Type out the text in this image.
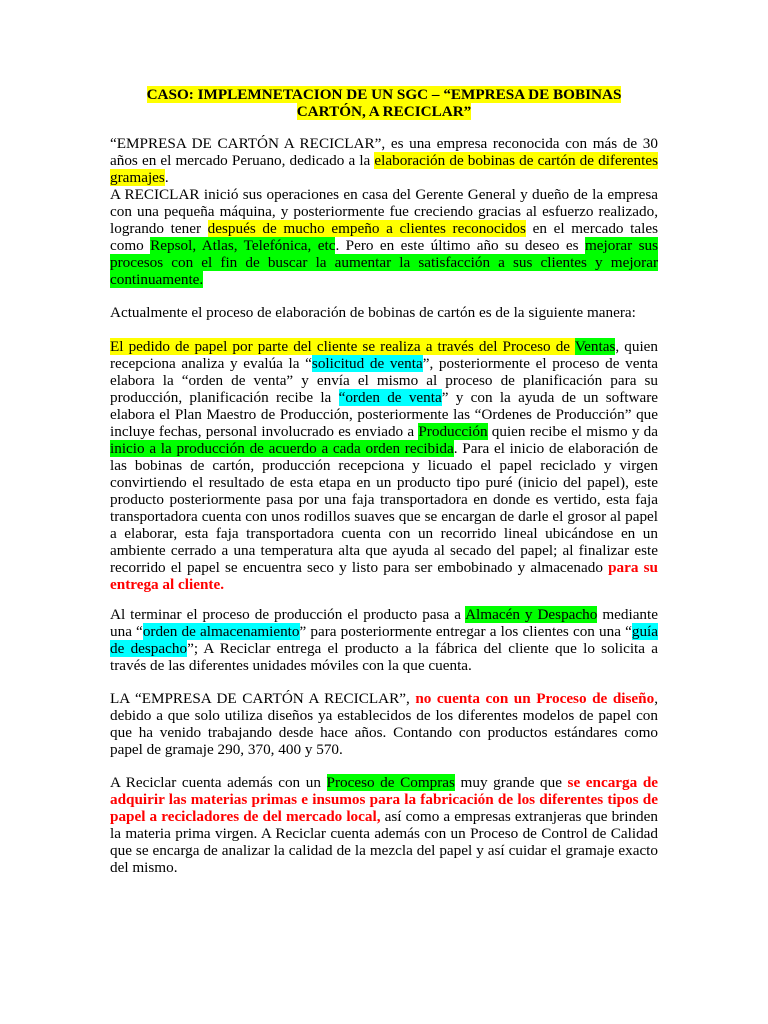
CASO: IMPLEMNETACION DE UN SGC – “EMPRESA DE BOBINAS
CARTÓN, A RECICLAR”
“EMPRESA DE CARTÓN A RECICLAR”, es una empresa reconocida con más de 30 años en el mercado Peruano, dedicado a la elaboración de bobinas de cartón de diferentes gramajes.
A RECICLAR inició sus operaciones en casa del Gerente General y dueño de la empresa con una pequeña máquina, y posteriormente fue creciendo gracias al esfuerzo realizado, logrando tener después de mucho empeño a clientes reconocidos en el mercado tales como Repsol, Atlas, Telefónica, etc. Pero en este último año su deseo es mejorar sus procesos con el fin de buscar la aumentar la satisfacción a sus clientes y mejorar continuamente.
Actualmente el proceso de elaboración de bobinas de cartón es de la siguiente manera:
El pedido de papel por parte del cliente se realiza a través del Proceso de Ventas, quien recepciona analiza y evalúa la “solicitud de venta”, posteriormente el proceso de venta elabora la “orden de venta” y envía el mismo al proceso de planificación para su producción, planificación recibe la “orden de venta” y con la ayuda de un software elabora el Plan Maestro de Producción, posteriormente las “Ordenes de Producción” que incluye fechas, personal involucrado es enviado a Producción quien recibe el mismo y da inicio a la producción de acuerdo a cada orden recibida. Para el inicio de elaboración de las bobinas de cartón, producción recepciona y licuado el papel reciclado y virgen convirtiendo el resultado de esta etapa en un producto tipo puré (inicio del papel), este producto posteriormente pasa por una faja transportadora en donde es vertido, esta faja transportadora cuenta con unos rodillos suaves que se encargan de darle el grosor al papel a elaborar, esta faja transportadora cuenta con un recorrido lineal ubicándose en un ambiente cerrado a una temperatura alta que ayuda al secado del papel; al finalizar este recorrido el papel se encuentra seco y listo para ser embobinado y almacenado para su entrega al cliente.
Al terminar el proceso de producción el producto pasa a Almacén y Despacho mediante una “orden de almacenamiento” para posteriormente entregar a los clientes con una “guía de despacho”; A Reciclar entrega el producto a la fábrica del cliente que lo solicita a través de las diferentes unidades móviles con la que cuenta.
LA “EMPRESA DE CARTÓN A RECICLAR”, no cuenta con un Proceso de diseño, debido a que solo utiliza diseños ya establecidos de los diferentes modelos de papel con que ha venido trabajando desde hace años. Contando con productos estándares como papel de gramaje 290, 370, 400 y 570.
A Reciclar cuenta además con un Proceso de Compras muy grande que se encarga de adquirir las materias primas e insumos para la fabricación de los diferentes tipos de papel a recicladores de del mercado local, así como a empresas extranjeras que brinden la materia prima virgen. A Reciclar cuenta además con un Proceso de Control de Calidad que se encarga de analizar la calidad de la mezcla del papel y así cuidar el gramaje exacto del mismo.
